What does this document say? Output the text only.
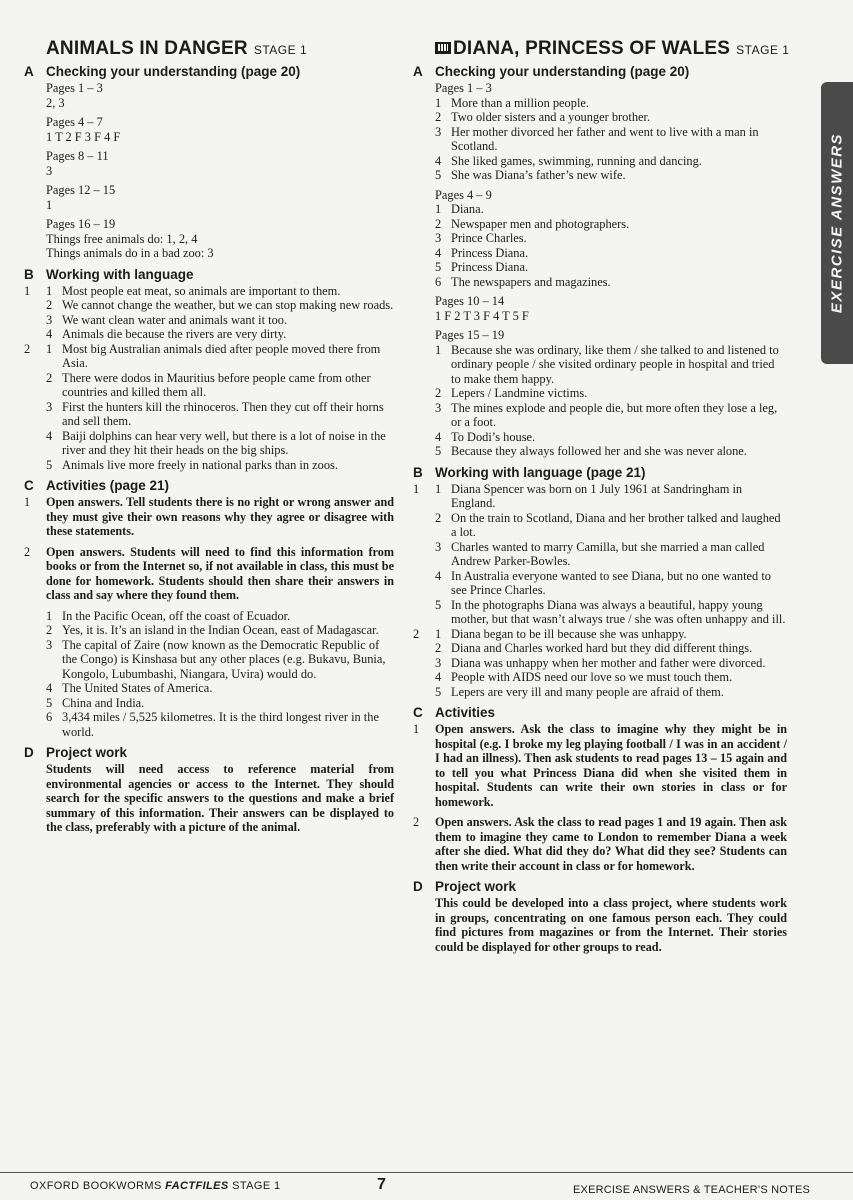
ANIMALS IN DANGER STAGE 1
A Checking your understanding (page 20)
Pages 1 – 3
2, 3
Pages 4 – 7
1 T 2 F 3 F 4 F
Pages 8 – 11
3
Pages 12 – 15
1
Pages 16 – 19
Things free animals do: 1, 2, 4
Things animals do in a bad zoo: 3
B Working with language
1 1 Most people eat meat, so animals are important to them.
2 We cannot change the weather, but we can stop making new roads.
3 We want clean water and animals want it too.
4 Animals die because the rivers are very dirty.
2 1 Most big Australian animals died after people moved there from Asia.
2 There were dodos in Mauritius before people came from other countries and killed them all.
3 First the hunters kill the rhinoceros. Then they cut off their horns and sell them.
4 Baiji dolphins can hear very well, but there is a lot of noise in the river and they hit their heads on the big ships.
5 Animals live more freely in national parks than in zoos.
C Activities (page 21)
1 Open answers. Tell students there is no right or wrong answer and they must give their own reasons why they agree or disagree with these statements.
2 Open answers. Students will need to find this information from books or from the Internet so, if not available in class, this must be done for homework. Students should then share their answers in class and say where they found them.
1 In the Pacific Ocean, off the coast of Ecuador.
2 Yes, it is. It’s an island in the Indian Ocean, east of Madagascar.
3 The capital of Zaire (now known as the Democratic Republic of the Congo) is Kinshasa but any other places (e.g. Bukavu, Bunia, Kongolo, Lubumbashi, Niangara, Uvira) would do.
4 The United States of America.
5 China and India.
6 3,434 miles / 5,525 kilometres. It is the third longest river in the world.
D Project work
Students will need access to reference material from environmental agencies or access to the Internet. They should search for the specific answers to the questions and make a brief summary of this information. Their answers can be displayed to the class, preferably with a picture of the animal.
DIANA, PRINCESS OF WALES STAGE 1
A Checking your understanding (page 20)
Pages 1 – 3
1 More than a million people.
2 Two older sisters and a younger brother.
3 Her mother divorced her father and went to live with a man in Scotland.
4 She liked games, swimming, running and dancing.
5 She was Diana’s father’s new wife.
Pages 4 – 9
1 Diana.
2 Newspaper men and photographers.
3 Prince Charles.
4 Princess Diana.
5 Princess Diana.
6 The newspapers and magazines.
Pages 10 – 14
1 F 2 T 3 F 4 T 5 F
Pages 15 – 19
1 Because she was ordinary, like them / she talked to and listened to ordinary people / she visited ordinary people in hospital and tried to make them happy.
2 Lepers / Landmine victims.
3 The mines explode and people die, but more often they lose a leg, or a foot.
4 To Dodi’s house.
5 Because they always followed her and she was never alone.
B Working with language (page 21)
1 1 Diana Spencer was born on 1 July 1961 at Sandringham in England.
2 On the train to Scotland, Diana and her brother talked and laughed a lot.
3 Charles wanted to marry Camilla, but she married a man called Andrew Parker-Bowles.
4 In Australia everyone wanted to see Diana, but no one wanted to see Prince Charles.
5 In the photographs Diana was always a beautiful, happy young mother, but that wasn’t always true / she was often unhappy and ill.
2 1 Diana began to be ill because she was unhappy.
2 Diana and Charles worked hard but they did different things.
3 Diana was unhappy when her mother and father were divorced.
4 People with AIDS need our love so we must touch them.
5 Lepers are very ill and many people are afraid of them.
C Activities
1 Open answers. Ask the class to imagine why they might be in hospital (e.g. I broke my leg playing football / I was in an accident / I had an illness). Then ask students to read pages 13 – 15 again and to tell you what Princess Diana did when she visited them in hospital. Students can write their own stories in class or for homework.
2 Open answers. Ask the class to read pages 1 and 19 again. Then ask them to imagine they came to London to remember Diana a week after she died. What did they do? What did they see? Students can then write their account in class or for homework.
D Project work
This could be developed into a class project, where students work in groups, concentrating on one famous person each. They could find pictures from magazines or from the Internet. Their stories could be displayed for other groups to read.
EXERCISE ANSWERS
OXFORD BOOKWORMS FACTFILES STAGE 1	7	EXERCISE ANSWERS & TEACHER’S NOTES
